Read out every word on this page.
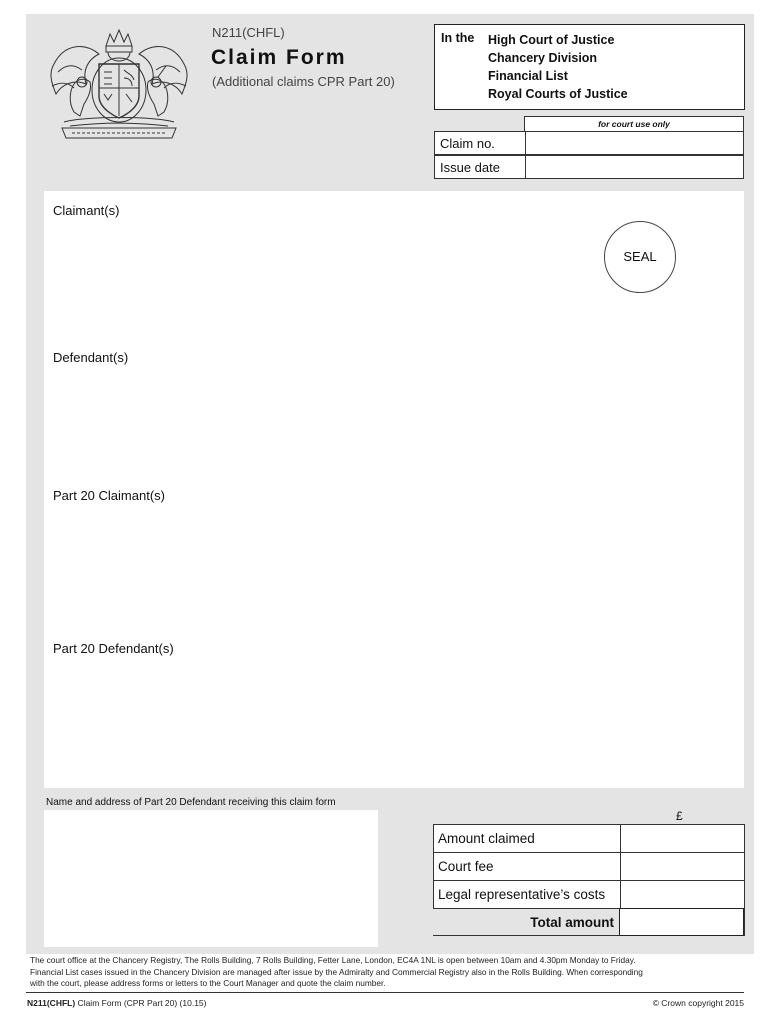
N211(CHFL)
Claim Form
(Additional claims CPR Part 20)
In the High Court of Justice
Chancery Division
Financial List
Royal Courts of Justice
for court use only
Claim no.
Issue date
Claimant(s)
SEAL
Defendant(s)
Part 20 Claimant(s)
Part 20 Defendant(s)
Name and address of Part 20 Defendant receiving this claim form
£
Amount claimed
Court fee
Legal representative’s costs
Total amount
The court office at the Chancery Registry, The Rolls Building, 7 Rolls Building, Fetter Lane, London, EC4A 1NL is open between 10am and 4.30pm Monday to Friday.
Financial List cases issued in the Chancery Division are managed after issue by the Admiralty and Commercial Registry also in the Rolls Building. When corresponding
with the court, please address forms or letters to the Court Manager and quote the claim number.
N211(CHFL) Claim Form (CPR Part 20) (10.15)	© Crown copyright 2015
